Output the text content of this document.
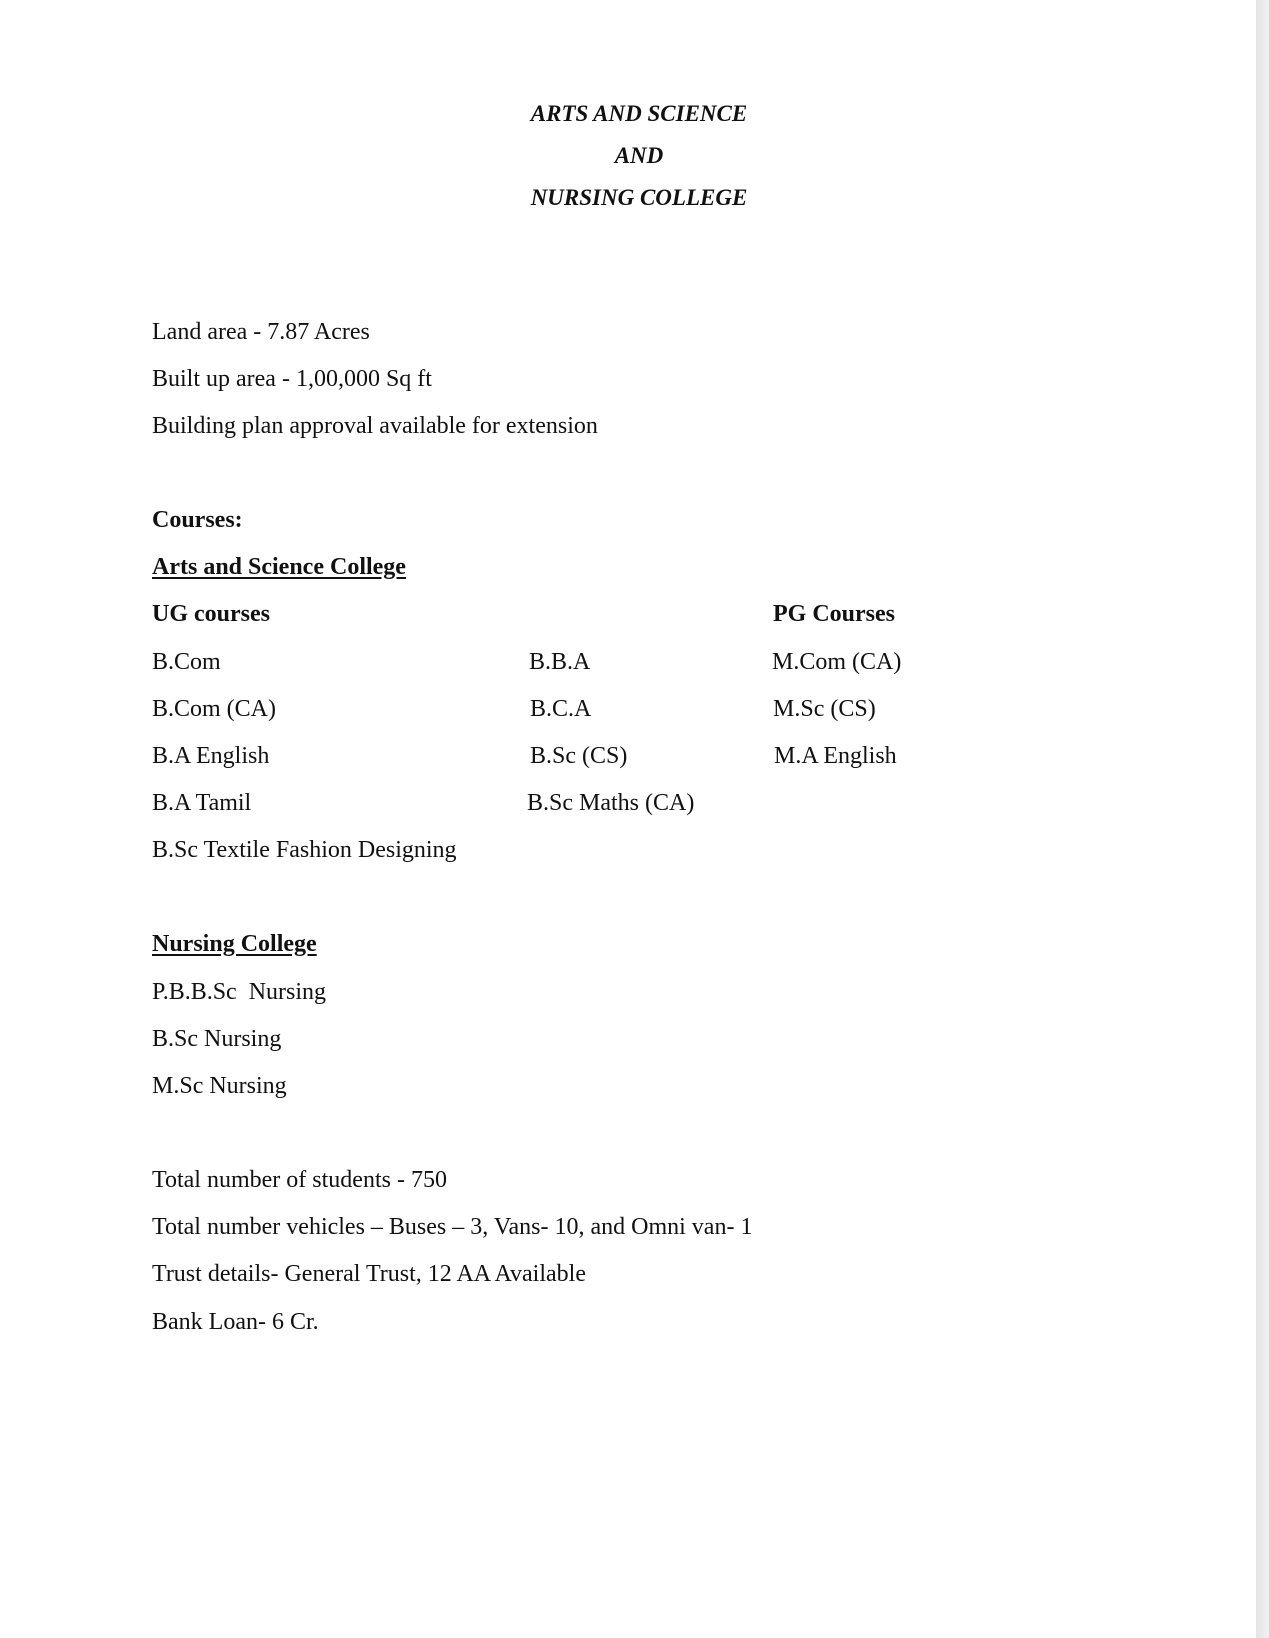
ARTS AND SCIENCE
AND
NURSING COLLEGE
Land area - 7.87 Acres
Built up area - 1,00,000 Sq ft
Building plan approval available for extension
Courses:
Arts and Science College
UG courses	PG Courses
B.Com
B.Com (CA)
B.A English
B.A Tamil
B.Sc Textile Fashion Designing
B.B.A
B.C.A
B.Sc (CS)
B.Sc Maths (CA)
M.Com (CA)
M.Sc (CS)
M.A English
Nursing College
P.B.B.Sc  Nursing
B.Sc Nursing
M.Sc Nursing
Total number of students - 750
Total number vehicles – Buses – 3, Vans- 10, and Omni van- 1
Trust details- General Trust, 12 AA Available
Bank Loan- 6 Cr.
